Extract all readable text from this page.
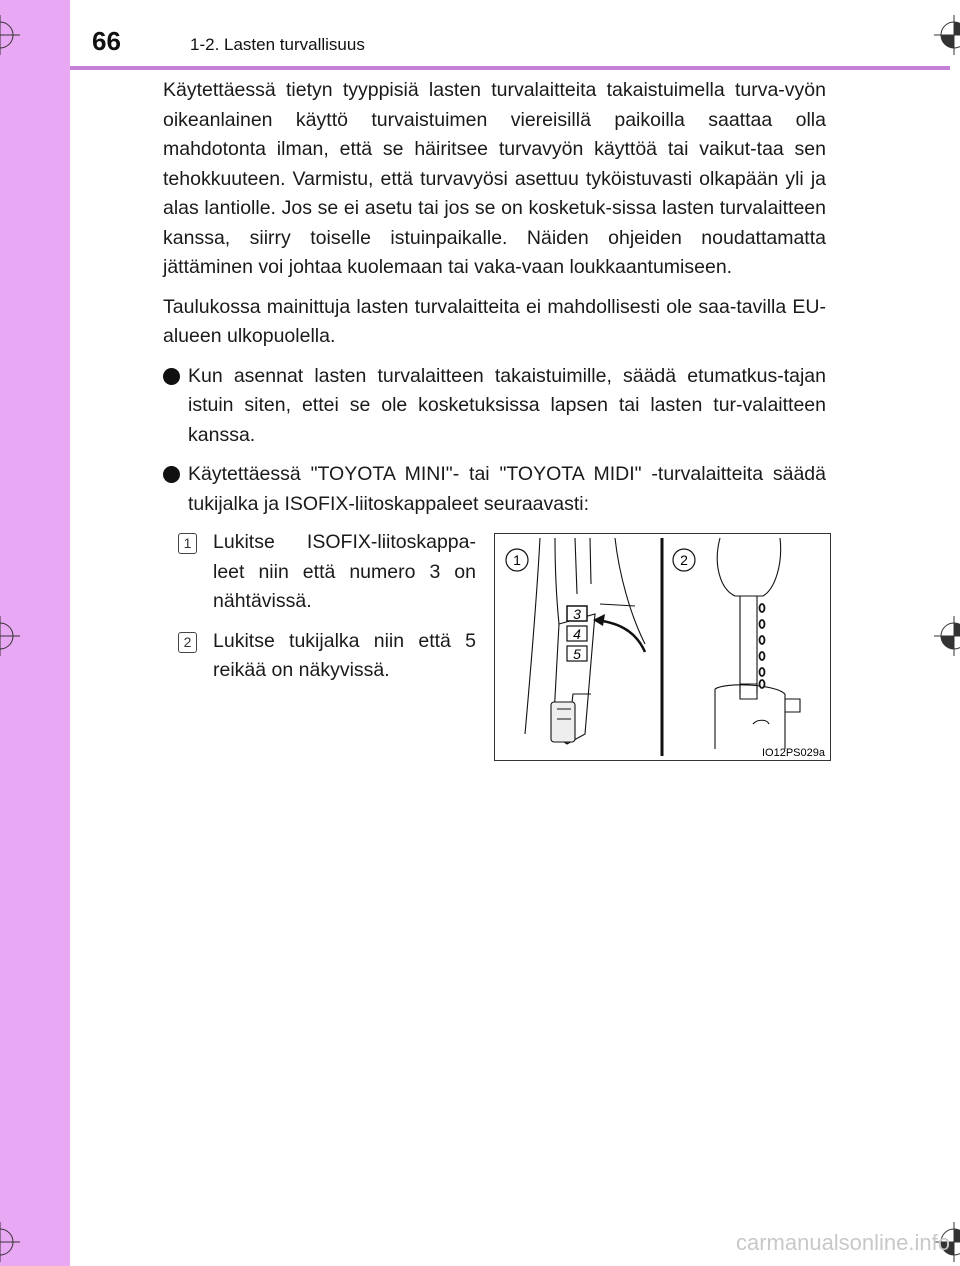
66	1-2. Lasten turvallisuus

Käytettäessä tietyn tyyppisiä lasten turvalaitteita takaistuimella turva-vyön oikeanlainen käyttö turvaistuimen viereisillä paikoilla saattaa olla mahdotonta ilman, että se häiritsee turvavyön käyttöä tai vaikut-taa sen tehokkuuteen. Varmistu, että turvavyösi asettuu tyköistuvasti olkapään yli ja alas lantiolle. Jos se ei asetu tai jos se on kosketuk-sissa lasten turvalaitteen kanssa, siirry toiselle istuinpaikalle. Näiden ohjeiden noudattamatta jättäminen voi johtaa kuolemaan tai vaka-vaan loukkaantumiseen.

Taulukossa mainittuja lasten turvalaitteita ei mahdollisesti ole saa-tavilla EU-alueen ulkopuolella.

Kun asennat lasten turvalaitteen takaistuimille, säädä etumatkus-tajan istuin siten, ettei se ole kosketuksissa lapsen tai lasten tur-valaitteen kanssa.
Käytettäessä "TOYOTA MINI"- tai "TOYOTA MIDI" -turvalaitteita säädä tukijalka ja ISOFIX-liitoskappaleet seuraavasti:
1 Lukitse ISOFIX-liitoskappa-leet niin että numero 3 on nähtävissä.
2 Lukitse tukijalka niin että 5 reikää on näkyvissä.
1	2
3
4
5
IO12PS029a
carmanualsonline.info
